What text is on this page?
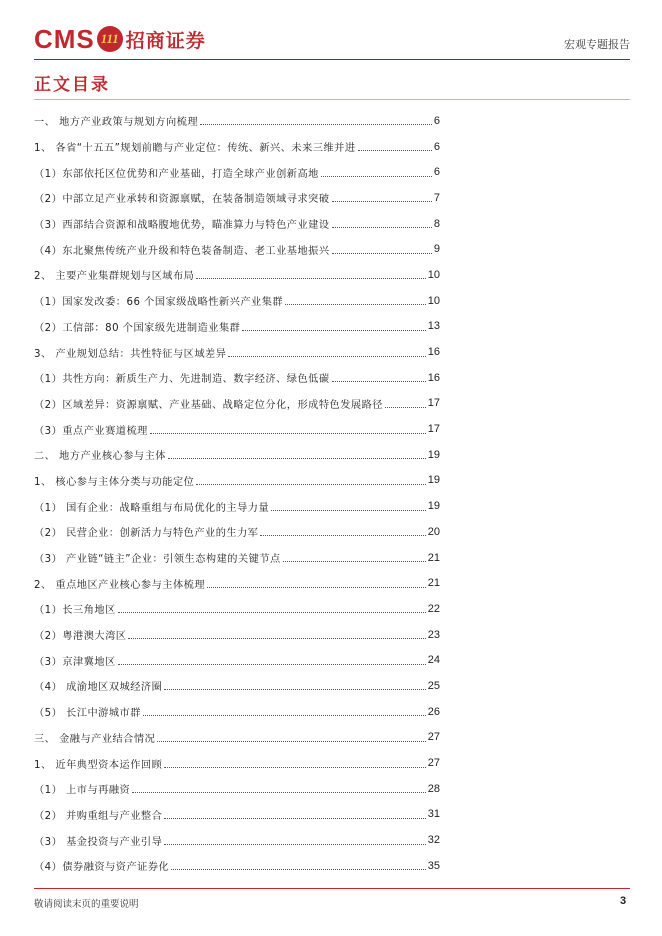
CMS 111 招商证券	宏观专题报告
正文目录
一、 地方产业政策与规划方向梳理	6
1、 各省“十五五”规划前瞻与产业定位：传统、新兴、未来三维并进	6
（1）东部依托区位优势和产业基础，打造全球产业创新高地	6
（2）中部立足产业承转和资源禀赋，在装备制造领域寻求突破	7
（3）西部结合资源和战略腹地优势，瞄准算力与特色产业建设	8
（4）东北聚焦传统产业升级和特色装备制造、老工业基地振兴	9
2、 主要产业集群规划与区域布局	10
（1）国家发改委：66 个国家级战略性新兴产业集群	10
（2）工信部：80 个国家级先进制造业集群	13
3、 产业规划总结：共性特征与区域差异	16
（1）共性方向：新质生产力、先进制造、数字经济、绿色低碳	16
（2）区域差异：资源禀赋、产业基础、战略定位分化，形成特色发展路径	17
（3）重点产业赛道梳理	17
二、 地方产业核心参与主体	19
1、 核心参与主体分类与功能定位	19
（1） 国有企业：战略重组与布局优化的主导力量	19
（2） 民营企业：创新活力与特色产业的生力军	20
（3） 产业链“链主”企业：引领生态构建的关键节点	21
2、 重点地区产业核心参与主体梳理	21
（1）长三角地区	22
（2）粤港澳大湾区	23
（3）京津冀地区	24
（4） 成渝地区双城经济圈	25
（5） 长江中游城市群	26
三、 金融与产业结合情况	27
1、 近年典型资本运作回顾	27
（1） 上市与再融资	28
（2） 并购重组与产业整合	31
（3） 基金投资与产业引导	32
（4）债券融资与资产证券化	35
敬请阅读末页的重要说明	3
